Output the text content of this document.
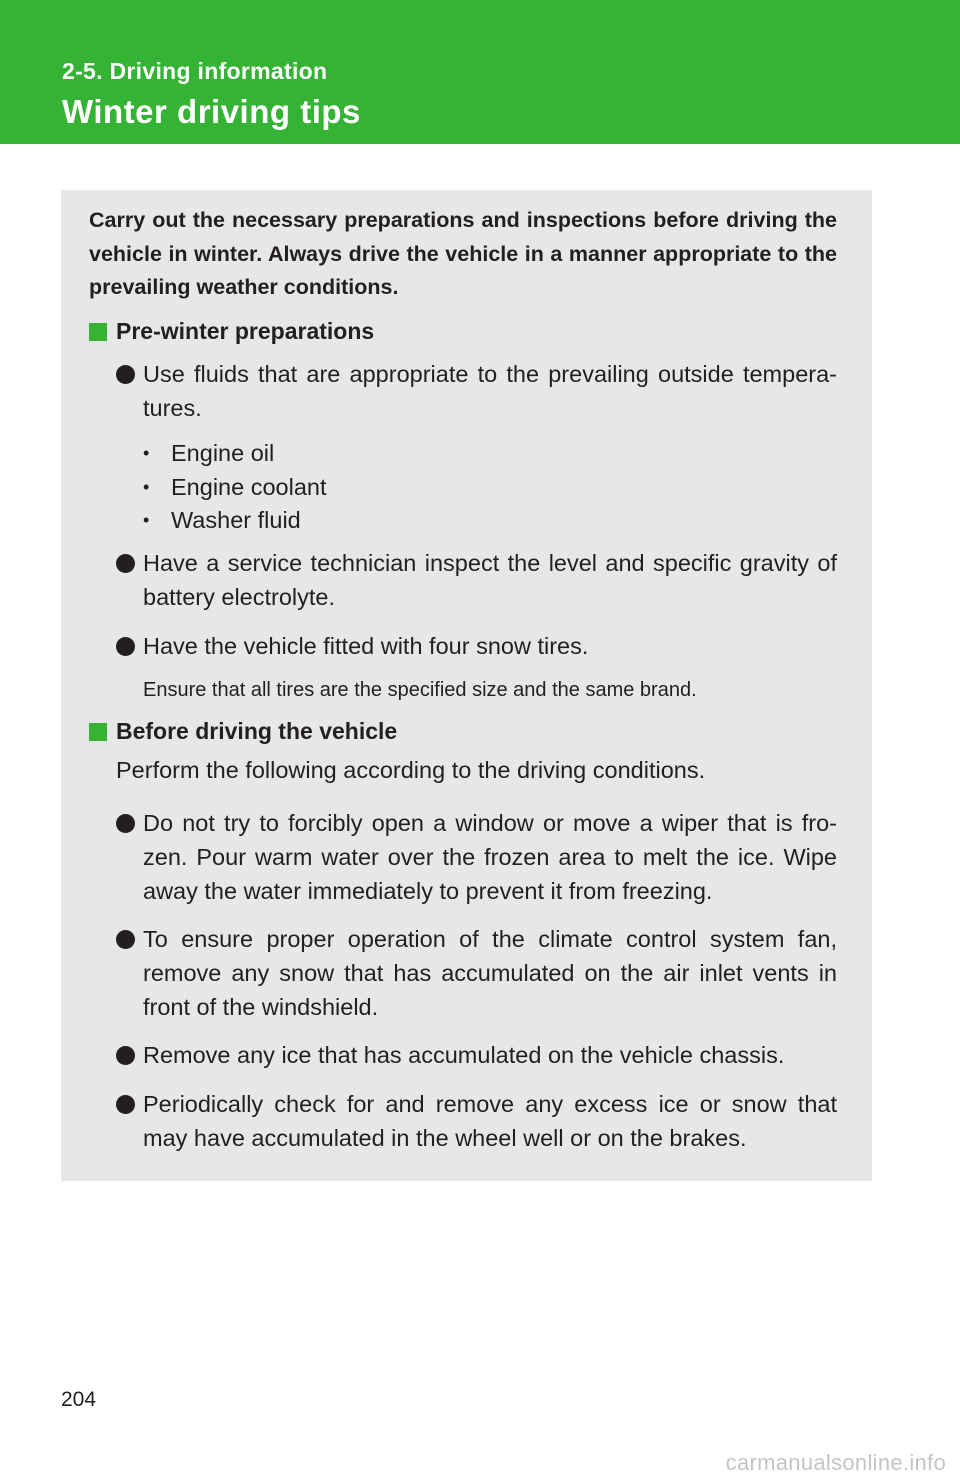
2-5. Driving information
Winter driving tips

Carry out the necessary preparations and inspections before driving the vehicle in winter. Always drive the vehicle in a manner appropriate to the prevailing weather conditions.

Pre-winter preparations
Use fluids that are appropriate to the prevailing outside tempera-tures.
• Engine oil
• Engine coolant
• Washer fluid
Have a service technician inspect the level and specific gravity of battery electrolyte.
Have the vehicle fitted with four snow tires.
Ensure that all tires are the specified size and the same brand.
Before driving the vehicle
Perform the following according to the driving conditions.
Do not try to forcibly open a window or move a wiper that is fro-zen. Pour warm water over the frozen area to melt the ice. Wipe away the water immediately to prevent it from freezing.
To ensure proper operation of the climate control system fan, remove any snow that has accumulated on the air inlet vents in front of the windshield.
Remove any ice that has accumulated on the vehicle chassis.
Periodically check for and remove any excess ice or snow that may have accumulated in the wheel well or on the brakes.
204
carmanualsonline.info
